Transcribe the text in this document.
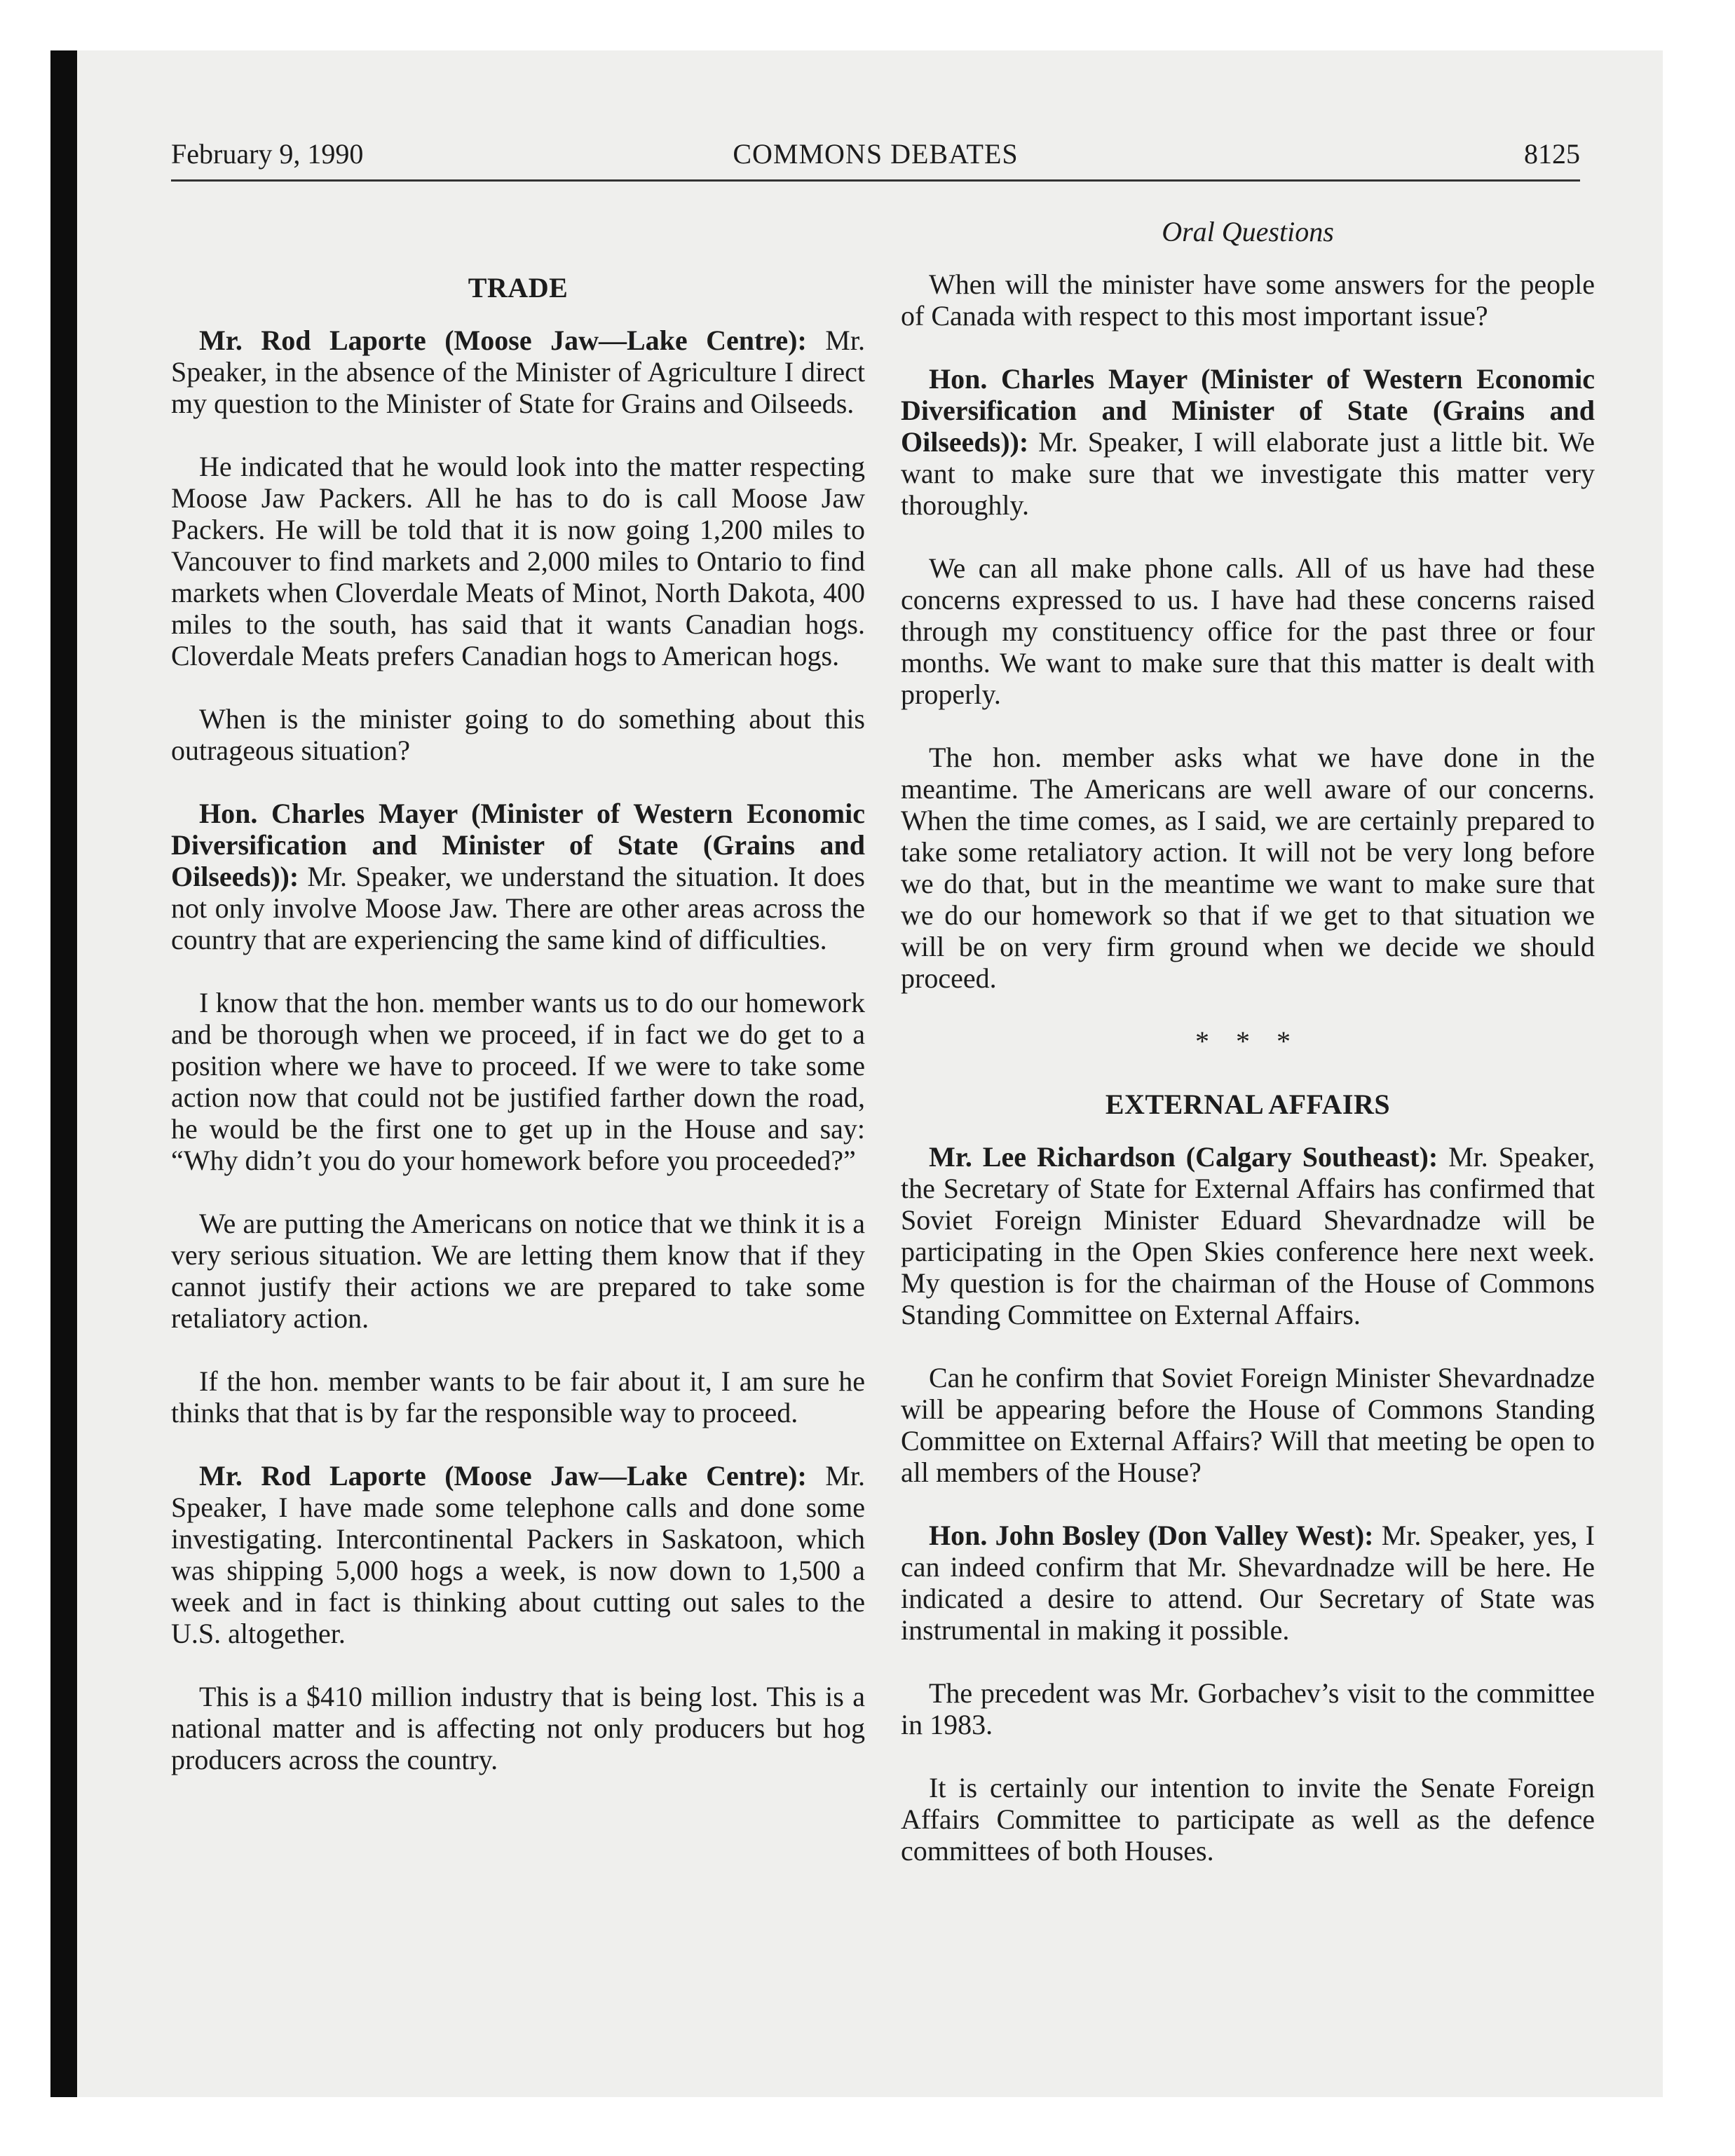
February 9, 1990	COMMONS DEBATES	8125
TRADE

Mr. Rod Laporte (Moose Jaw—Lake Centre): Mr. Speaker, in the absence of the Minister of Agriculture I direct my question to the Minister of State for Grains and Oilseeds.

He indicated that he would look into the matter respecting Moose Jaw Packers. All he has to do is call Moose Jaw Packers. He will be told that it is now going 1,200 miles to Vancouver to find markets and 2,000 miles to Ontario to find markets when Cloverdale Meats of Minot, North Dakota, 400 miles to the south, has said that it wants Canadian hogs. Cloverdale Meats prefers Canadian hogs to American hogs.

When is the minister going to do something about this outrageous situation?

Hon. Charles Mayer (Minister of Western Economic Diversification and Minister of State (Grains and Oilseeds)): Mr. Speaker, we understand the situation. It does not only involve Moose Jaw. There are other areas across the country that are experiencing the same kind of difficulties.

I know that the hon. member wants us to do our homework and be thorough when we proceed, if in fact we do get to a position where we have to proceed. If we were to take some action now that could not be justified farther down the road, he would be the first one to get up in the House and say: “Why didn’t you do your homework before you proceeded?”

We are putting the Americans on notice that we think it is a very serious situation. We are letting them know that if they cannot justify their actions we are prepared to take some retaliatory action.

If the hon. member wants to be fair about it, I am sure he thinks that that is by far the responsible way to proceed.

Mr. Rod Laporte (Moose Jaw—Lake Centre): Mr. Speaker, I have made some telephone calls and done some investigating. Intercontinental Packers in Saskatoon, which was shipping 5,000 hogs a week, is now down to 1,500 a week and in fact is thinking about cutting out sales to the U.S. altogether.

This is a $410 million industry that is being lost. This is a national matter and is affecting not only producers but hog producers across the country.

Oral Questions

When will the minister have some answers for the people of Canada with respect to this most important issue?

Hon. Charles Mayer (Minister of Western Economic Diversification and Minister of State (Grains and Oilseeds)): Mr. Speaker, I will elaborate just a little bit. We want to make sure that we investigate this matter very thoroughly.

We can all make phone calls. All of us have had these concerns expressed to us. I have had these concerns raised through my constituency office for the past three or four months. We want to make sure that this matter is dealt with properly.

The hon. member asks what we have done in the meantime. The Americans are well aware of our concerns. When the time comes, as I said, we are certainly prepared to take some retaliatory action. It will not be very long before we do that, but in the meantime we want to make sure that we do our homework so that if we get to that situation we will be on very firm ground when we decide we should proceed.

* * *
EXTERNAL AFFAIRS

Mr. Lee Richardson (Calgary Southeast): Mr. Speaker, the Secretary of State for External Affairs has confirmed that Soviet Foreign Minister Eduard Shevardnadze will be participating in the Open Skies conference here next week. My question is for the chairman of the House of Commons Standing Committee on External Affairs.

Can he confirm that Soviet Foreign Minister Shevardnadze will be appearing before the House of Commons Standing Committee on External Affairs? Will that meeting be open to all members of the House?

Hon. John Bosley (Don Valley West): Mr. Speaker, yes, I can indeed confirm that Mr. Shevardnadze will be here. He indicated a desire to attend. Our Secretary of State was instrumental in making it possible.

The precedent was Mr. Gorbachev’s visit to the committee in 1983.

It is certainly our intention to invite the Senate Foreign Affairs Committee to participate as well as the defence committees of both Houses.
